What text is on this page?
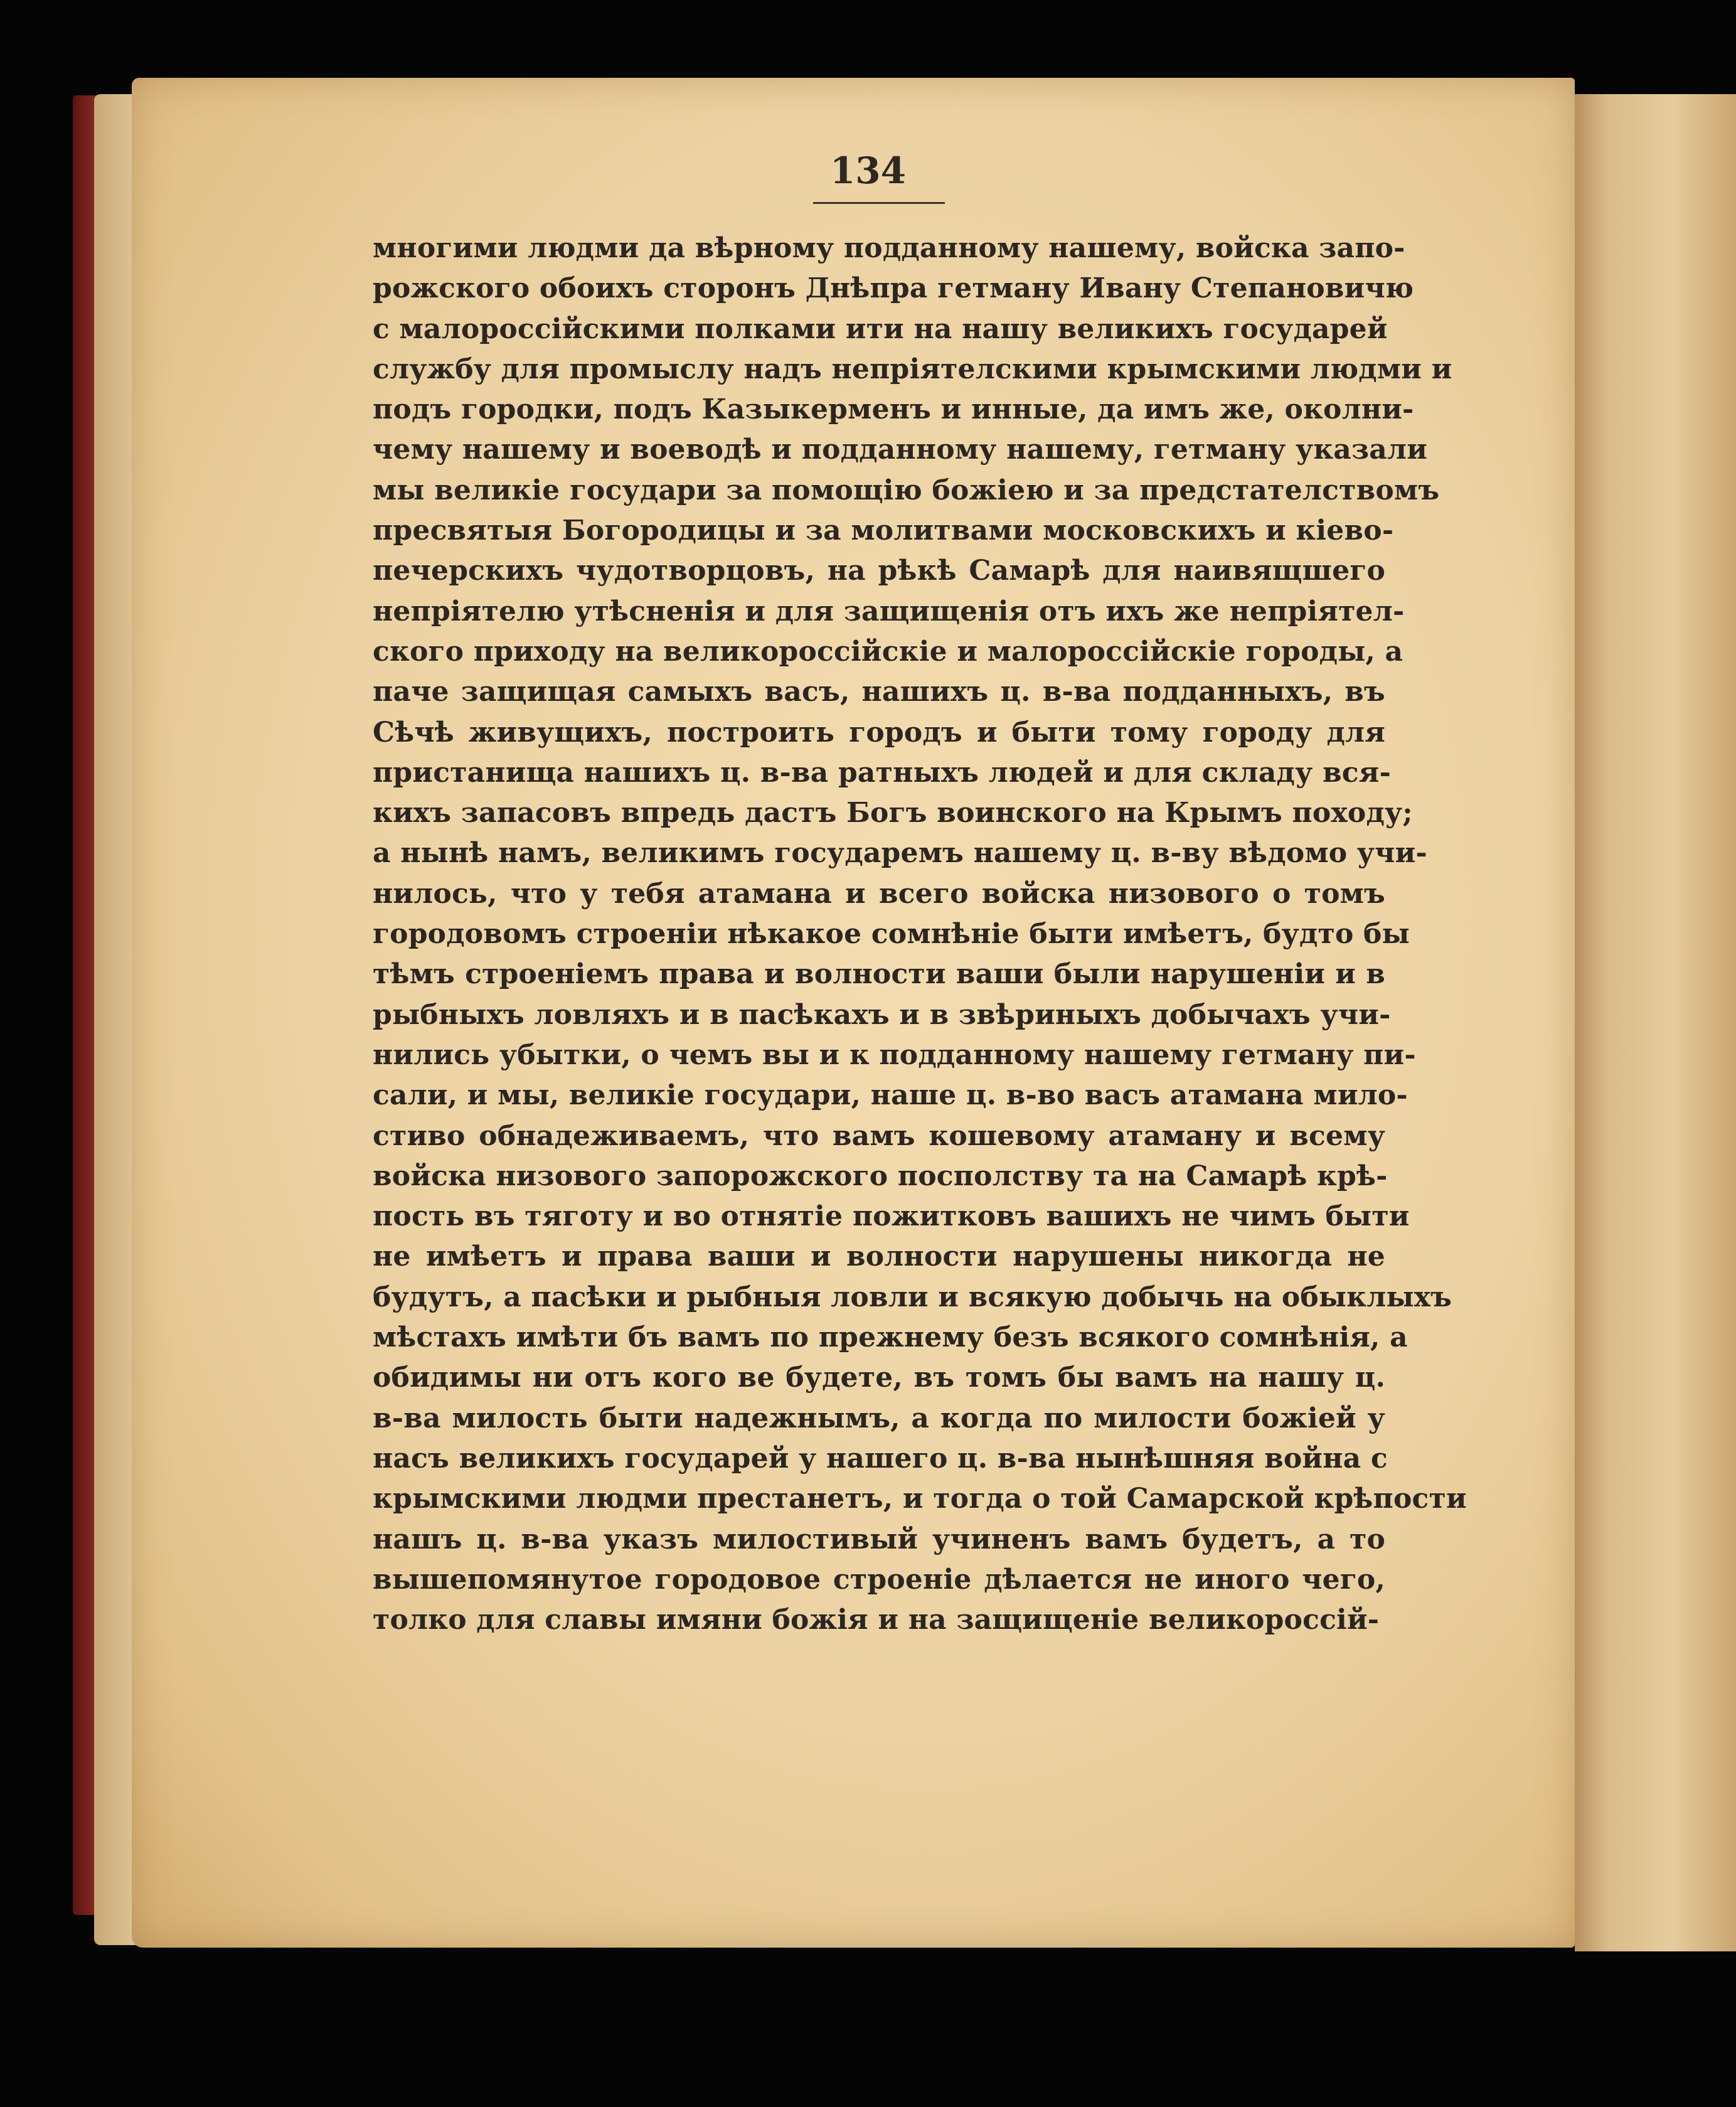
134
многими людми да вѣрному подданному нашему, войска запо-
рожского обоихъ сторонъ Днѣпра гетману Ивану Степановичю
с малороссійскими полками ити на нашу великихъ государей
службу для промыслу надъ непріятелскими крымскими людми и
подъ городки, подъ Казыкерменъ и инные, да имъ же, околни-
чему нашему и воеводѣ и подданному нашему, гетману указали
мы великіе государи за помощію божіею и за предстателствомъ
пресвятыя Богородицы и за молитвами московскихъ и кіево-
печерскихъ чудотворцовъ, на рѣкѣ Самарѣ для наивящшего
непріятелю утѣсненія и для защищенія отъ ихъ же непріятел-
ского приходу на великороссійскіе и малороссійскіе городы, а
паче защищая самыхъ васъ, нашихъ ц. в-ва подданныхъ, въ
Сѣчѣ живущихъ, построить городъ и быти тому городу для
пристанища нашихъ ц. в-ва ратныхъ людей и для складу вся-
кихъ запасовъ впредь дастъ Богъ воинского на Крымъ походу;
а нынѣ намъ, великимъ государемъ нашему ц. в-ву вѣдомо учи-
нилось, что у тебя атамана и всего войска низового о томъ
городовомъ строеніи нѣкакое сомнѣніе быти имѣетъ, будто бы
тѣмъ строеніемъ права и волности ваши были нарушеніи и в
рыбныхъ ловляхъ и в пасѣкахъ и в звѣриныхъ добычахъ учи-
нились убытки, о чемъ вы и к подданному нашему гетману пи-
сали, и мы, великіе государи, наше ц. в-во васъ атамана мило-
стиво обнадеживаемъ, что вамъ кошевому атаману и всему
войска низового запорожского посполству та на Самарѣ крѣ-
пость въ тяготу и во отнятіе пожитковъ вашихъ не чимъ быти
не имѣетъ и права ваши и волности нарушены никогда не
будутъ, а пасѣки и рыбныя ловли и всякую добычь на обыклыхъ
мѣстахъ имѣти бъ вамъ по прежнему безъ всякого сомнѣнія, а
обидимы ни отъ кого ве будете, въ томъ бы вамъ на нашу ц.
в-ва милость быти надежнымъ, а когда по милости божіей у
насъ великихъ государей у нашего ц. в-ва нынѣшняя война с
крымскими людми престанетъ, и тогда о той Самарской крѣпости
нашъ ц. в-ва указъ милостивый учиненъ вамъ будетъ, а то
вышепомянутое городовое строеніе дѣлается не иного чего,
толко для славы имяни божія и на защищеніе великороссій-
